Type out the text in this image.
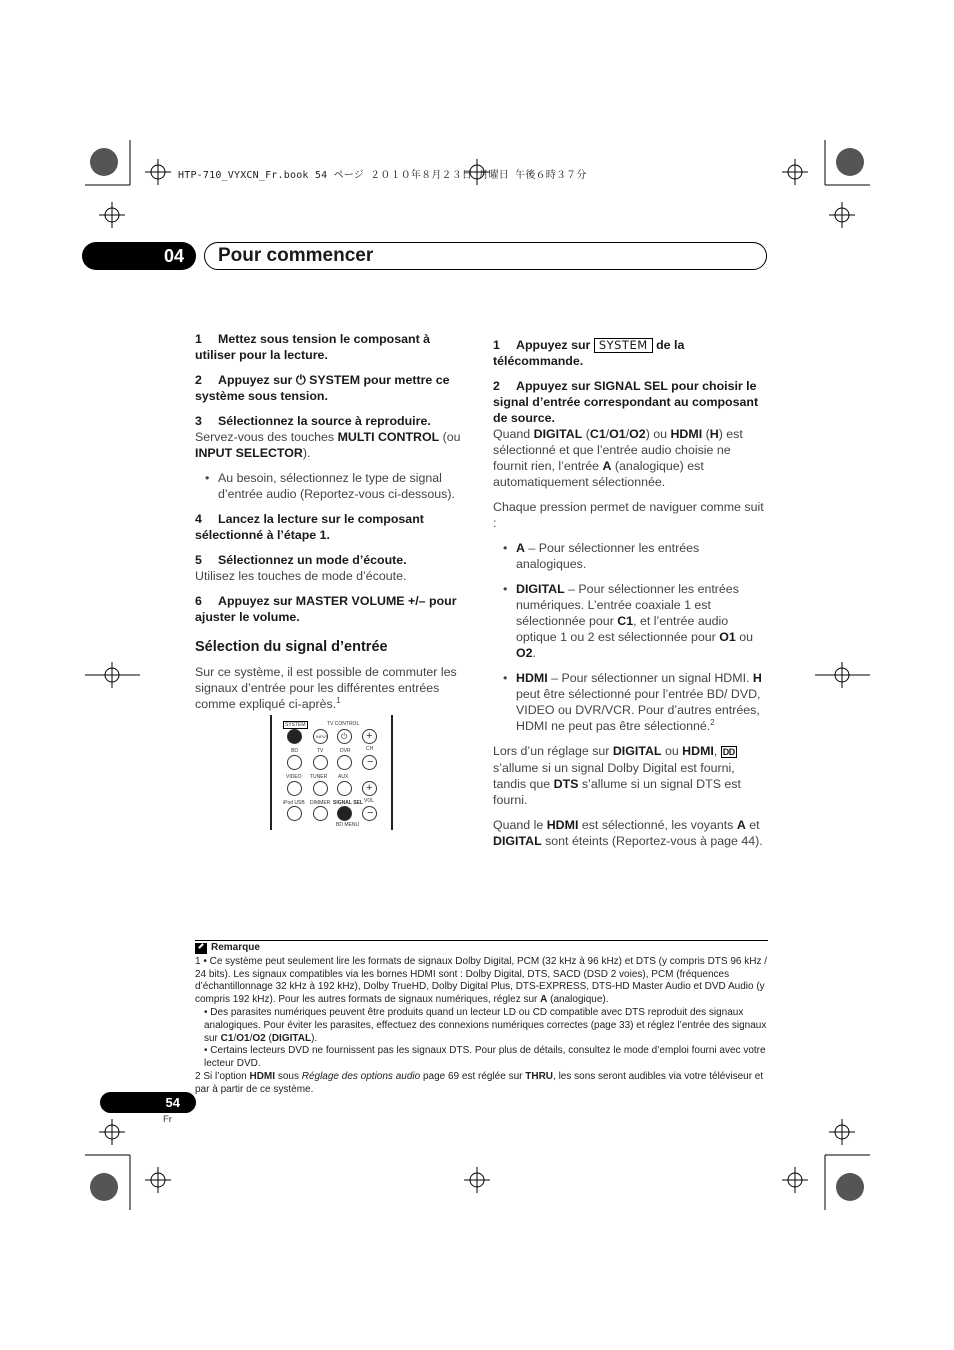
HTP-710_VYXCN_Fr.book 54 ページ ２０１０年８月２３日 月曜日 午後６時３７分
04	Pour commencer

1 Mettez sous tension le composant à utiliser pour la lecture.

2 Appuyez sur ⏻ SYSTEM pour mettre ce système sous tension.

3 Sélectionnez la source à reproduire.

Servez-vous des touches MULTI CONTROL (ou INPUT SELECTOR).

• Au besoin, sélectionnez le type de signal d’entrée audio (Reportez-vous ci-dessous).

4 Lancez la lecture sur le composant sélectionné à l’étape 1.

5 Sélectionnez un mode d’écoute.

Utilisez les touches de mode d’écoute.

6 Appuyez sur MASTER VOLUME +/– pour ajuster le volume.

Sélection du signal d’entrée

Sur ce système, il est possible de commuter les signaux d’entrée pour les différentes entrées comme expliqué ci-après.$^1$

SYSTEM	TV CONTROL
INPUT ⏻ +
BD	TV	DVR	CH
−
VIDEO TUNER AUX
+
VOL
iPod USB DIMMER SIGNAL SEL
−
BD MENU

1 Appuyez sur SYSTEM de la télécommande.

2 Appuyez sur SIGNAL SEL pour choisir le signal d’entrée correspondant au composant de source.

Quand DIGITAL (C1/O1/O2) ou HDMI (H) est sélectionné et que l’entrée audio choisie ne fournit rien, l’entrée A (analogique) est automatiquement sélectionnée.

Chaque pression permet de naviguer comme suit :

• A – Pour sélectionner les entrées analogiques.

• DIGITAL – Pour sélectionner les entrées numériques. L’entrée coaxiale 1 est sélectionnée pour C1, et l’entrée audio optique 1 ou 2 est sélectionnée pour O1 ou O2.

• HDMI – Pour sélectionner un signal HDMI. H peut être sélectionné pour l’entrée BD/ DVD, VIDEO ou DVR/VCR. Pour d’autres entrées, HDMI ne peut pas être sélectionné.$^2$

Lors d’un réglage sur DIGITAL ou HDMI, DD s’allume si un signal Dolby Digital est fourni, tandis que DTS s’allume si un signal DTS est fourni.

Quand le HDMI est sélectionné, les voyants A et DIGITAL sont éteints (Reportez-vous à page 44).

Remarque

1 • Ce système peut seulement lire les formats de signaux Dolby Digital, PCM (32 kHz à 96 kHz) et DTS (y compris DTS 96 kHz / 24 bits). Les signaux compatibles via les bornes HDMI sont : Dolby Digital, DTS, SACD (DSD 2 voies), PCM (fréquences d’échantillonnage 32 kHz à 192 kHz), Dolby TrueHD, Dolby Digital Plus, DTS-EXPRESS, DTS-HD Master Audio et DVD Audio (y compris 192 kHz). Pour les autres formats de signaux numériques, réglez sur A (analogique).

• Des parasites numériques peuvent être produits quand un lecteur LD ou CD compatible avec DTS reproduit des signaux analogiques. Pour éviter les parasites, effectuez des connexions numériques correctes (page 33) et réglez l’entrée des signaux sur C1/O1/O2 (DIGITAL).

• Certains lecteurs DVD ne fournissent pas les signaux DTS. Pour plus de détails, consultez le mode d’emploi fourni avec votre lecteur DVD.

2 Si l’option HDMI sous Réglage des options audio page 69 est réglée sur THRU, les sons seront audibles via votre téléviseur et par à partir de ce système.

54
Fr
